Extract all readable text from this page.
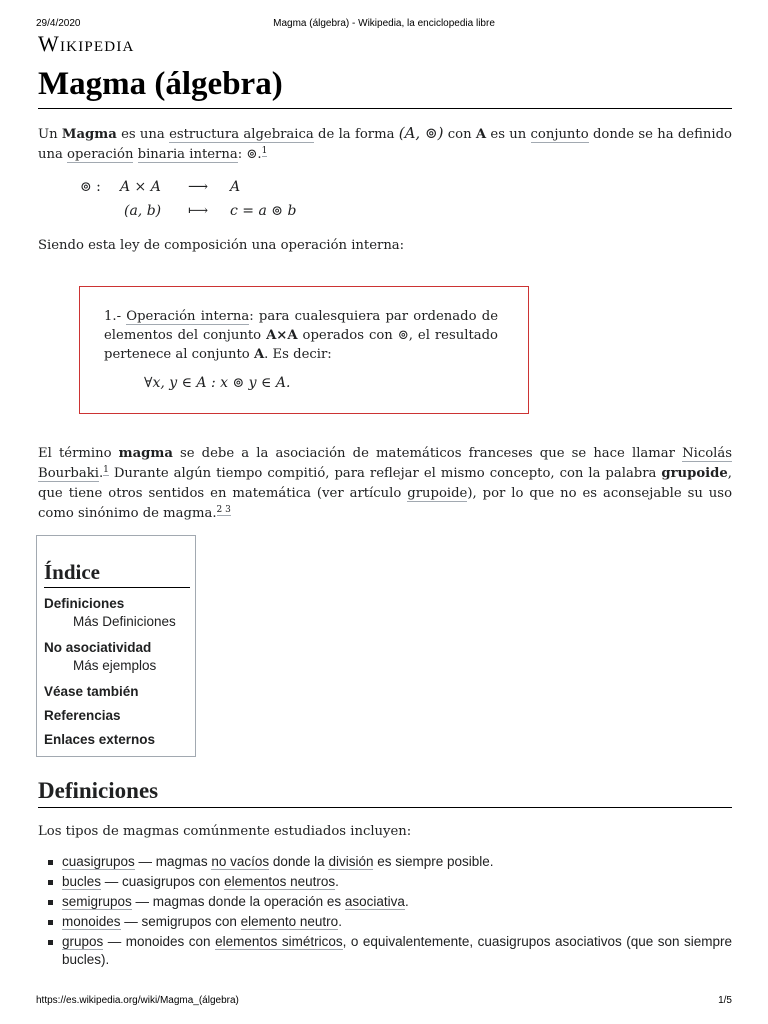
29/4/2020	Magma (álgebra) - Wikipedia, la enciclopedia libre
Wikipedia
Magma (álgebra)

Un Magma es una estructura algebraica de la forma (A, ⊚) con A es un conjunto donde se ha definido una operación binaria interna: ⊚.$^1$

⊚ : A × A ⟶ A
(a, b) ⟼ c = a ⊚ b

Siendo esta ley de composición una operación interna:

1.- Operación interna: para cualesquiera par ordenado de elementos del conjunto A×A operados con ⊚, el resultado pertenece al conjunto A. Es decir:
∀x, y ∈ A : x ⊚ y ∈ A.

El término magma se debe a la asociación de matemáticos franceses que se hace llamar Nicolás Bourbaki.$^1$ Durante algún tiempo compitió, para reflejar el mismo concepto, con la palabra grupoide, que tiene otros sentidos en matemática (ver artículo grupoide), por lo que no es aconsejable su uso como sinónimo de magma.$^{2 3}$

Índice
Definiciones
Más Definiciones
No asociatividad
Más ejemplos
Véase también
Referencias
Enlaces externos
Definiciones

Los tipos de magmas comúnmente estudiados incluyen:

cuasigrupos — magmas no vacíos donde la división es siempre posible.
bucles — cuasigrupos con elementos neutros.
semigrupos — magmas donde la operación es asociativa.
monoides — semigrupos con elemento neutro.
grupos — monoides con elementos simétricos, o equivalentemente, cuasigrupos asociativos (que son siempre bucles).
https://es.wikipedia.org/wiki/Magma_(álgebra)	1/5
